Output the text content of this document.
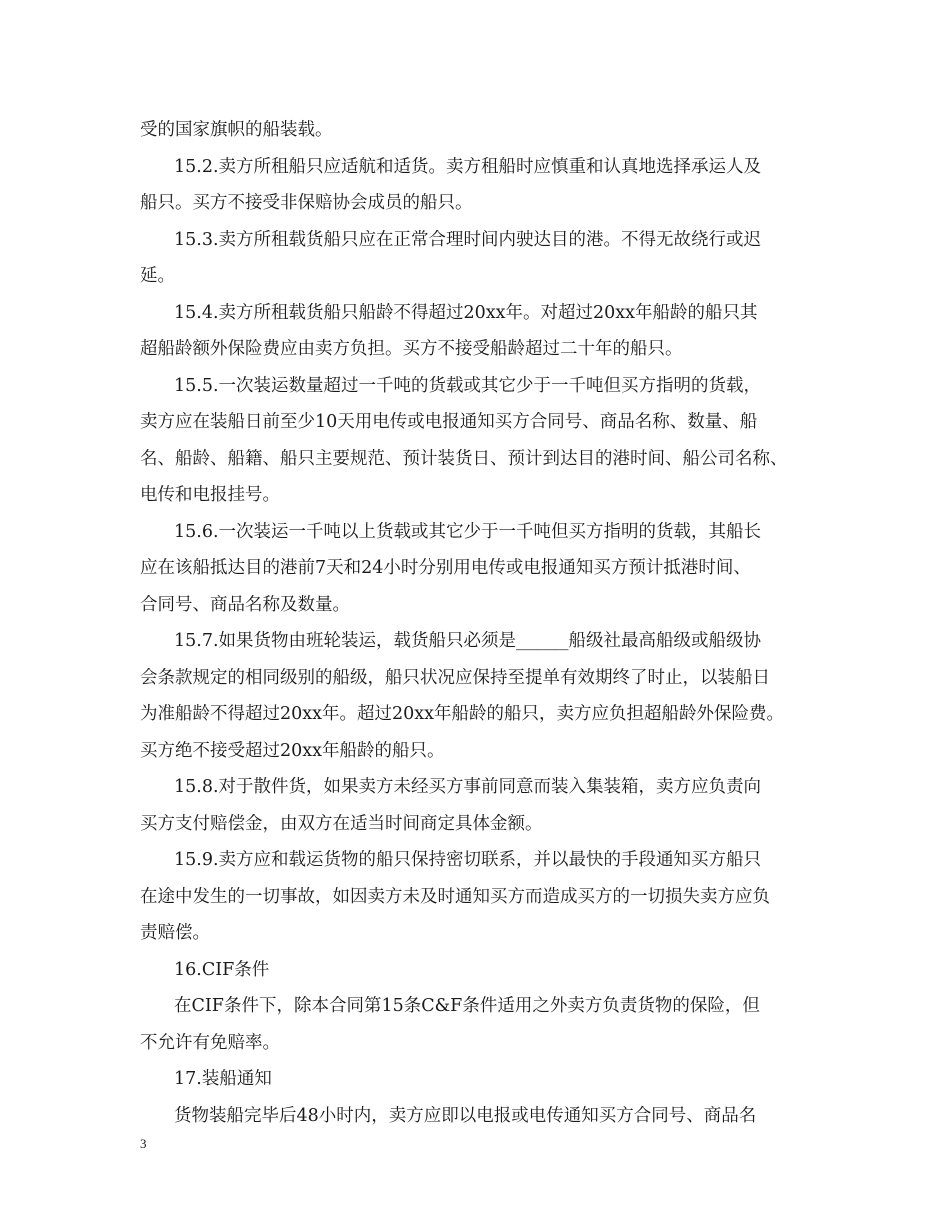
受的国家旗帜的船装载。
15.2.卖方所租船只应适航和适货。卖方租船时应慎重和认真地选择承运人及
船只。买方不接受非保赔协会成员的船只。
15.3.卖方所租载货船只应在正常合理时间内驶达目的港。不得无故绕行或迟
延。
15.4.卖方所租载货船只船龄不得超过20xx年。对超过20xx年船龄的船只其
超船龄额外保险费应由卖方负担。买方不接受船龄超过二十年的船只。
15.5.一次装运数量超过一千吨的货载或其它少于一千吨但买方指明的货载，
卖方应在装船日前至少10天用电传或电报通知买方合同号、商品名称、数量、船
名、船龄、船籍、船只主要规范、预计装货日、预计到达目的港时间、船公司名称、
电传和电报挂号。
15.6.一次装运一千吨以上货载或其它少于一千吨但买方指明的货载，其船长
应在该船抵达目的港前7天和24小时分别用电传或电报通知买方预计抵港时间、
合同号、商品名称及数量。
15.7.如果货物由班轮装运，载货船只必须是______船级社最高船级或船级协
会条款规定的相同级别的船级，船只状况应保持至提单有效期终了时止，以装船日
为准船龄不得超过20xx年。超过20xx年船龄的船只，卖方应负担超船龄外保险费。
买方绝不接受超过20xx年船龄的船只。
15.8.对于散件货，如果卖方未经买方事前同意而装入集装箱，卖方应负责向
买方支付赔偿金，由双方在适当时间商定具体金额。
15.9.卖方应和载运货物的船只保持密切联系，并以最快的手段通知买方船只
在途中发生的一切事故，如因卖方未及时通知买方而造成买方的一切损失卖方应负
责赔偿。
16.CIF条件
在CIF条件下，除本合同第15条C&F条件适用之外卖方负责货物的保险，但
不允许有免赔率。
17.装船通知
货物装船完毕后48小时内，卖方应即以电报或电传通知买方合同号、商品名
3
